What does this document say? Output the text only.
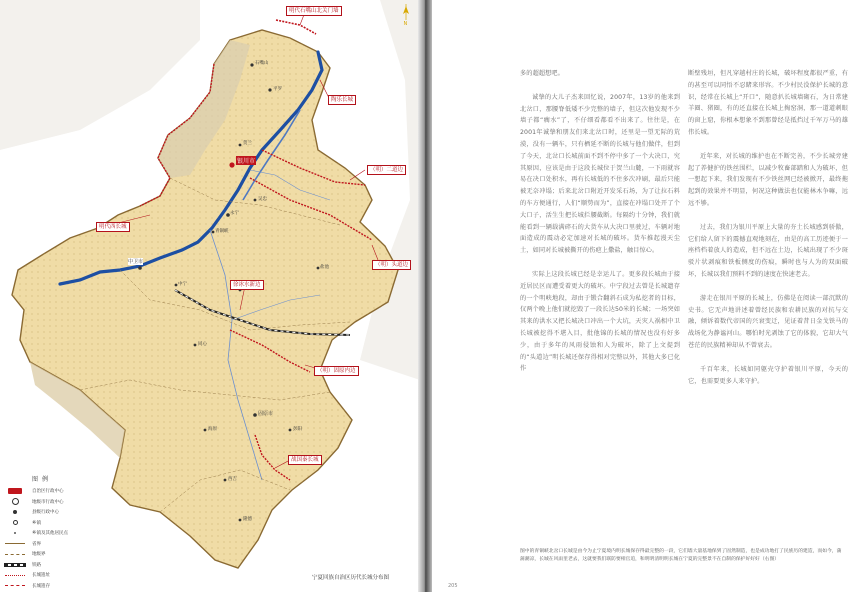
N
石嘴山
平罗
银川市
贺兰
永宁
吴忠
青铜峡
中卫市
中宁
同心
盐池
海原
固原市
西吉
隆德
彭阳
明代石嘴山北关门墙
陶乐长城
（明）二道边
明代西长城
（明）头道边
徐冰水新边
（明）固原内边
战国秦长城
图例
自治区行政中心
地级市行政中心
县级行政中心
乡镇
乡镇及其他居民点
省界
地级界
铁路
长城遗址
长城遗存
宁夏回族自治区历代长城分布图

多的超超想吧。

诚挚的大儿子杰来回忆说，2007年，13岁的他来到北岔口，那腰脊低矮不少完整的墙子，但这次他发现不少墙子都“瘸水”了，不仔细看都看不出来了。往往是，在2001年诚挚和朋友们来北岔口时，还里是一望无际的荒漠，没有一辆车，只有栖延不断的长城与他们做伴，但到了今天，北岔口长城前面不到不停中多了一个大决口，究其原因，应该是由于这段长城位于贺兰山麓，一下雨就容易在决口处积水，再有长城低的不住多次冲刷，最后只能被无奈冲塌；后来北岔口附近开发采石场，为了让拉石料的车方便通行，人们“顺势而为”，直接在冲塌口处开了个大口子，活生生把长城拦腰截断。每隔约十分钟，我们就能看到一辆载满碎石的大货车从大决口里驶过，车辆对地面造成的震动必定加速对长城的破坏。货车推起漫天尘土，如同对长城被撕开的伤疤上撒盐，触目惊心。

实际上这段长城已经是幸运儿了。更多段长城由于接近居民区而遭受着更大的破坏。中宁段过去曾是长城遗存的一个明峡地段，却由于锻合翻斜石成为私挖者的目标，仅两个晚上他们就挖毁了一段长达50米的长城；一场突如其来的洪水又把长城决口冲出一个大坑，天灾人祸相中卫长城被挖得不堪入目，批他锦的长城的情况也没有好多少，由于多年的风雨侵蚀和人为破坏，除了上文提到的“头道边”明长城还保存得相对完整以外，其他大多已化作

断壁残垣，但凡穿越村庄的长城，破坏程度都很严重，有的甚至可以同悟不忍睹来形容。不少村民没保护长城的意识，经常在长城上“开口”，随意扒长城墙砌石，为日常建羊圈、猪圈，有的还直接在长城上掏窑洞，那一道道刺眼的窗上窟，你根本想象不到那曾经是抵挡过千军万马的雄伟长城。

近年来，对长城的维护也在不断完善，不少长城旁建起了养健护的铁丝围栏，以减少牧畜部踏和人为破坏，但一想起下来，我们发现有不少铁丝网已经被掀开，最终拖起到的效果并不明显，何况这种做法也仅能林木争嘛，远远不够。

过去，我们为银川平原上大量的夯土长城感到骄傲，它们给人留下的震撼直观地刻在，由是的高工历迹便于一座档档着放人的造成，但不远在土边，长城出现了不少斑驳片状剥痕和铁板侧度的伤痕，瞬时也与人为的双面破坏，长城以我们预料不到的速度在快速老去。

游走在银川平原的长城上，仿佛是在阅读一部沉默的史书。它无声地讲述着曾经民族和农耕民族的对抗与交融，倾诉着数代帝国的兴衰变迁，见证着昔日金戈铁马的战场化为静谧河山。哪怕时光剥蚀了它的体貌，它却大气苍茫的民族精神却从不曾衰去。

千百年来，长城如同躯壳守护着银川平原，今天的它，也需要更多人来守护。

图中的青铜峡北岔口长城是由今为止宁夏境内明长城保存得最完整的一段，它们墙大量基地保到了固然制造，也是成功地打了民族历的建造，而如今，蒲蒲潮凉，长城在风雨里老去，这就要我们联防要相官追，和明明清明明长城在宁夏的完整景不在自制的保护好好好（右图）
205
